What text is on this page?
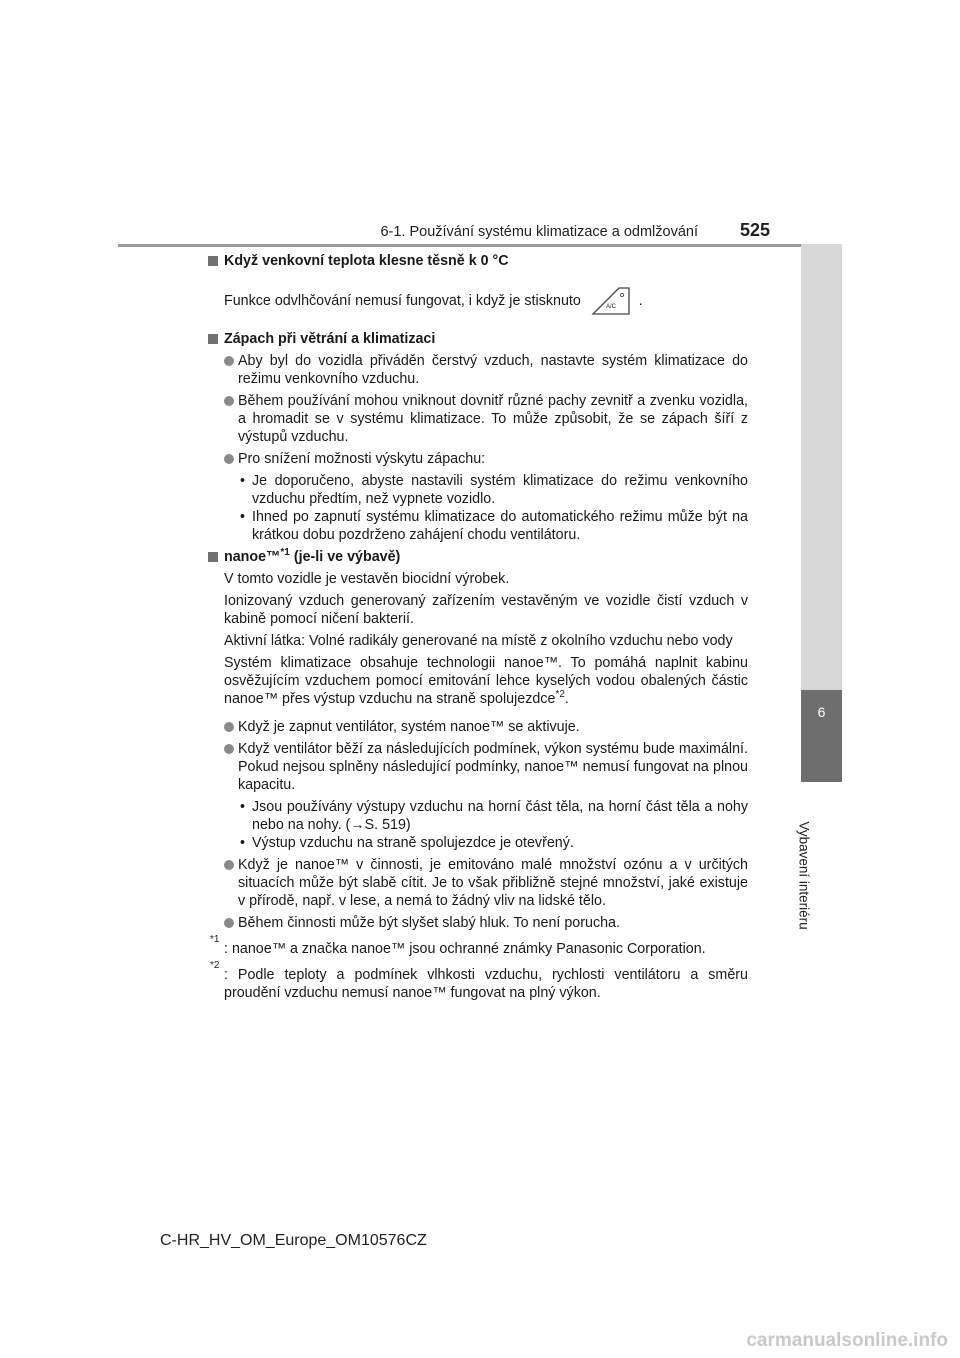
6-1. Používání systému klimatizace a odmlžování 525
6
Vybavení interiéru
Když venkovní teplota klesne těsně k 0 °C
Funkce odvlhčování nemusí fungovat, i když je stisknuto	A/C .
Zápach při větrání a klimatizaci
Aby byl do vozidla přiváděn čerstvý vzduch, nastavte systém klimatizace do režimu venkovního vzduchu.
Během používání mohou vniknout dovnitř různé pachy zevnitř a zvenku vozidla, a hromadit se v systému klimatizace. To může způsobit, že se zápach šíří z výstupů vzduchu.
Pro snížení možnosti výskytu zápachu:
• Je doporučeno, abyste nastavili systém klimatizace do režimu venkovního vzduchu předtím, než vypnete vozidlo.
• Ihned po zapnutí systému klimatizace do automatického režimu může být na krátkou dobu pozdrženo zahájení chodu ventilátoru.
nanoe™$^{*1}$ (je-li ve výbavě)
V tomto vozidle je vestavěn biocidní výrobek.
Ionizovaný vzduch generovaný zařízením vestavěným ve vozidle čistí vzduch v kabině pomocí ničení bakterií.
Aktivní látka: Volné radikály generované na místě z okolního vzduchu nebo vody
Systém klimatizace obsahuje technologii nanoe™. To pomáhá naplnit kabinu osvěžujícím vzduchem pomocí emitování lehce kyselých vodou obalených částic nanoe™ přes výstup vzduchu na straně spolujezdce$^{*2}$.
Když je zapnut ventilátor, systém nanoe™ se aktivuje.
Když ventilátor běží za následujících podmínek, výkon systému bude maximální. Pokud nejsou splněny následující podmínky, nanoe™ nemusí fungovat na plnou kapacitu.
• Jsou používány výstupy vzduchu na horní část těla, na horní část těla a nohy nebo na nohy. (→S. 519)
• Výstup vzduchu na straně spolujezdce je otevřený.
Když je nanoe™ v činnosti, je emitováno malé množství ozónu a v určitých situacích může být slabě cítit. Je to však přibližně stejné množství, jaké existuje v přírodě, např. v lese, a nemá to žádný vliv na lidské tělo.
Během činnosti může být slyšet slabý hluk. To není porucha.
*1
: nanoe™ a značka nanoe™ jsou ochranné známky Panasonic Corporation.
*2
: Podle teploty a podmínek vlhkosti vzduchu, rychlosti ventilátoru a směru proudění vzduchu nemusí nanoe™ fungovat na plný výkon.
C-HR_HV_OM_Europe_OM10576CZ
carmanualsonline.info
